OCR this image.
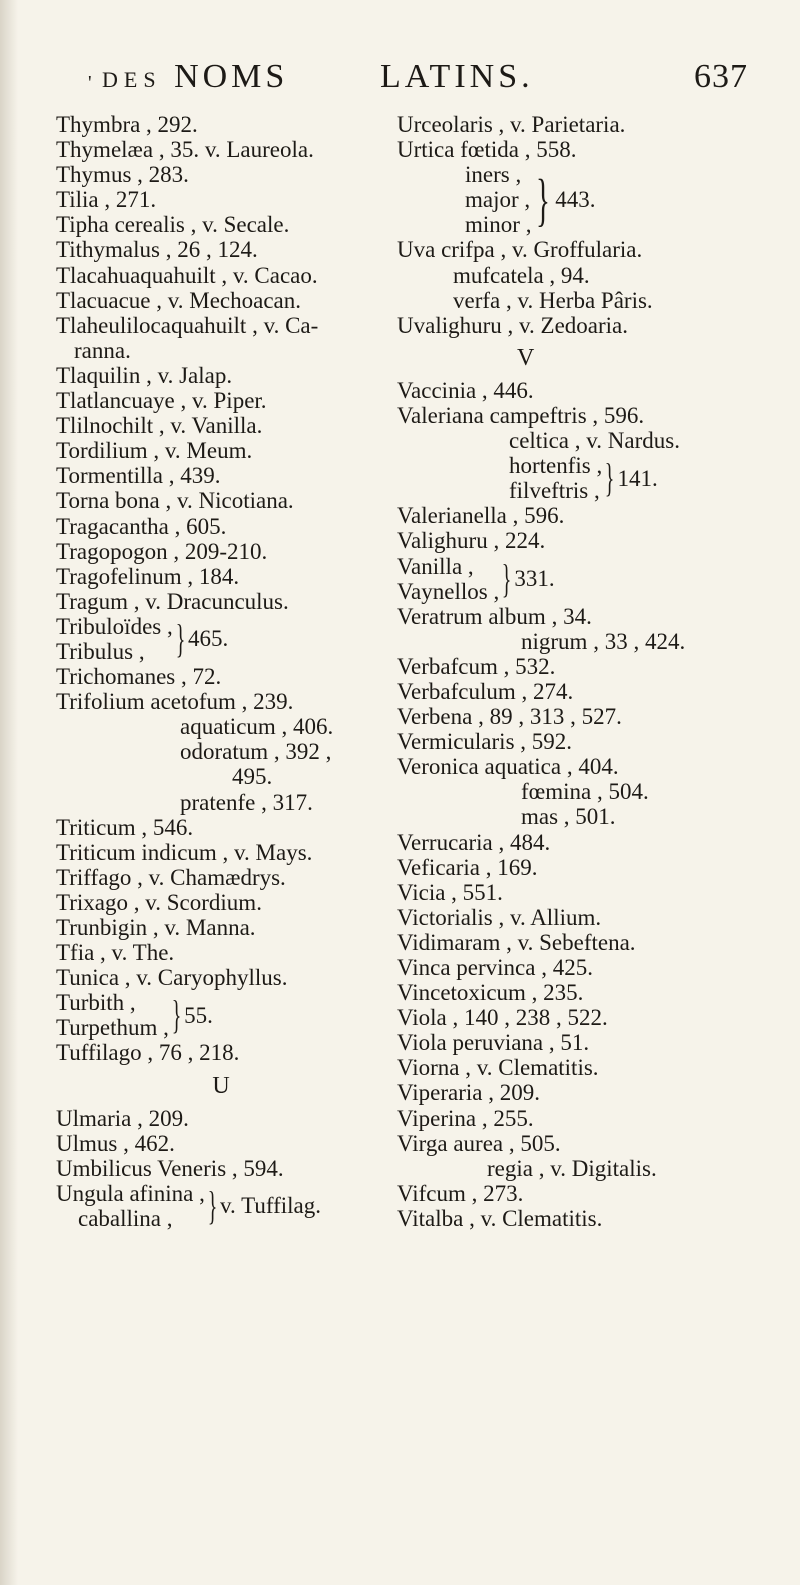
' DES NOMS	LATINS.	637
Thymbra , 292.
Thymelæa , 35. v. Laureola.
Thymus , 283.
Tilia , 271.
Tipha cerealis , v. Secale.
Tithymalus , 26 , 124.
Tlacahuaquahuilt , v. Cacao.
Tlacuacue , v. Mechoacan.
Tlaheulilocaquahuilt , v. Ca-
ranna.
Tlaquilin , v. Jalap.
Tlatlancuaye , v. Piper.
Tlilnochilt , v. Vanilla.
Tordilium , v. Meum.
Tormentilla , 439.
Torna bona , v. Nicotiana.
Tragacantha , 605.
Tragopogon , 209-210.
Tragofelinum , 184.
Tragum , v. Dracunculus.
Tribuloïdes ,
Tribulus , } 465.
Trichomanes , 72.
Trifolium acetofum , 239.
aquaticum , 406.
odoratum , 392 ,
495.
pratenfe , 317.
Triticum , 546.
Triticum indicum , v. Mays.
Triffago , v. Chamædrys.
Trixago , v. Scordium.
Trunbigin , v. Manna.
Tfia , v. The.
Tunica , v. Caryophyllus.
Turbith ,
Turpethum , } 55.
Tuffilago , 76 , 218.
U
Ulmaria , 209.
Ulmus , 462.
Umbilicus Veneris , 594.
Ungula afinina ,
caballina , } v. Tuffilag.
Urceolaris , v. Parietaria.
Urtica fœtida , 558.
iners ,
major ,
minor , } 443.
Uva crifpa , v. Groffularia.
mufcatela , 94.
verfa , v. Herba Pâris.
Uvalighuru , v. Zedoaria.
V
Vaccinia , 446.
Valeriana campeftris , 596.
celtica , v. Nardus.
hortenfis ,
filveftris , } 141.
Valerianella , 596.
Valighuru , 224.
Vanilla ,
Vaynellos , } 331.
Veratrum album , 34.
nigrum , 33 , 424.
Verbafcum , 532.
Verbafculum , 274.
Verbena , 89 , 313 , 527.
Vermicularis , 592.
Veronica aquatica , 404.
fœmina , 504.
mas , 501.
Verrucaria , 484.
Veficaria , 169.
Vicia , 551.
Victorialis , v. Allium.
Vidimaram , v. Sebeftena.
Vinca pervinca , 425.
Vincetoxicum , 235.
Viola , 140 , 238 , 522.
Viola peruviana , 51.
Viorna , v. Clematitis.
Viperaria , 209.
Viperina , 255.
Virga aurea , 505.
regia , v. Digitalis.
Vifcum , 273.
Vitalba , v. Clematitis.
